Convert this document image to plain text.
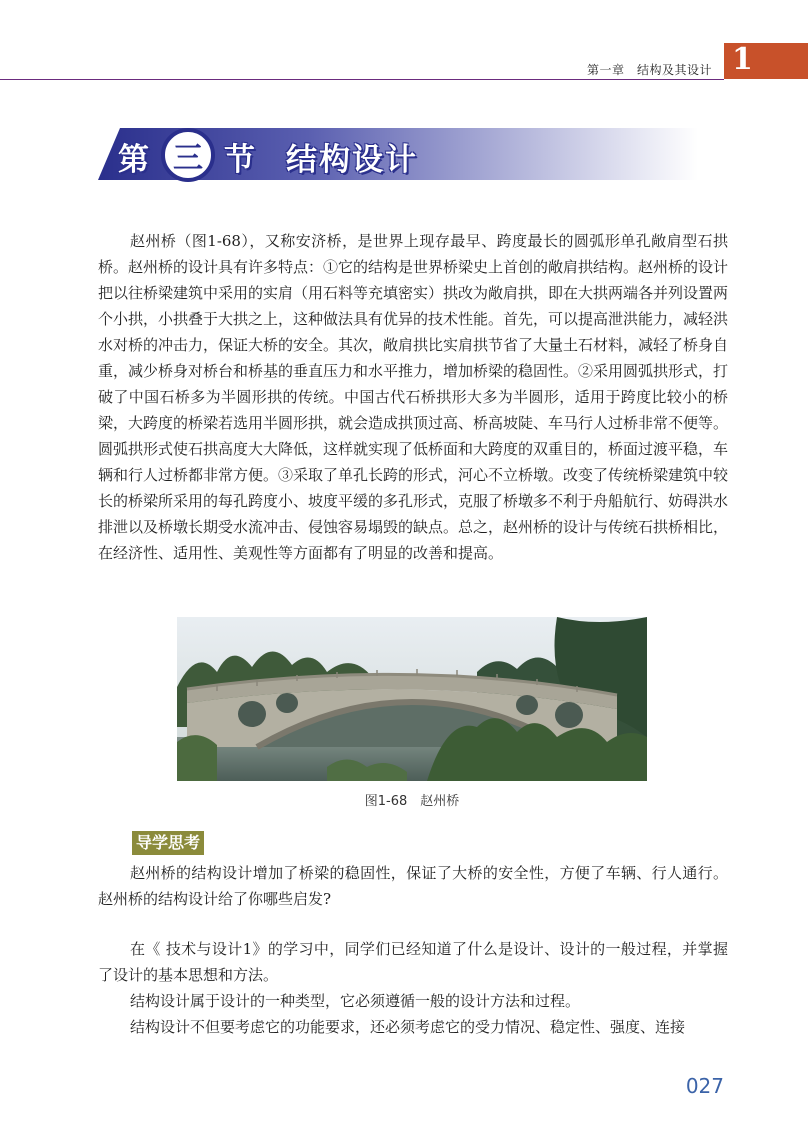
第一章　结构及其设计 1
第 三 节 结构设计

赵州桥（图1-68），又称安济桥，是世界上现存最早、跨度最长的圆弧形单孔敞肩型石拱桥。赵州桥的设计具有许多特点：①它的结构是世界桥梁史上首创的敞肩拱结构。赵州桥的设计把以往桥梁建筑中采用的实肩（用石料等充填密实）拱改为敞肩拱，即在大拱两端各并列设置两个小拱，小拱叠于大拱之上，这种做法具有优异的技术性能。首先，可以提高泄洪能力，减轻洪水对桥的冲击力，保证大桥的安全。其次，敞肩拱比实肩拱节省了大量土石材料，减轻了桥身自重，减少桥身对桥台和桥基的垂直压力和水平推力，增加桥梁的稳固性。②采用圆弧拱形式，打破了中国石桥多为半圆形拱的传统。中国古代石桥拱形大多为半圆形，适用于跨度比较小的桥梁，大跨度的桥梁若选用半圆形拱，就会造成拱顶过高、桥高坡陡、车马行人过桥非常不便等。圆弧拱形式使石拱高度大大降低，这样就实现了低桥面和大跨度的双重目的，桥面过渡平稳，车辆和行人过桥都非常方便。③采取了单孔长跨的形式，河心不立桥墩。改变了传统桥梁建筑中较长的桥梁所采用的每孔跨度小、坡度平缓的多孔形式，克服了桥墩多不利于舟船航行、妨碍洪水排泄以及桥墩长期受水流冲击、侵蚀容易塌毁的缺点。总之，赵州桥的设计与传统石拱桥相比，在经济性、适用性、美观性等方面都有了明显的改善和提高。

图1-68　赵州桥
导学思考

赵州桥的结构设计增加了桥梁的稳固性，保证了大桥的安全性，方便了车辆、行人通行。赵州桥的结构设计给了你哪些启发?

在《 技术与设计1》的学习中，同学们已经知道了什么是设计、设计的一般过程，并掌握了设计的基本思想和方法。

结构设计属于设计的一种类型，它必须遵循一般的设计方法和过程。

结构设计不但要考虑它的功能要求，还必须考虑它的受力情况、稳定性、强度、连接

027
